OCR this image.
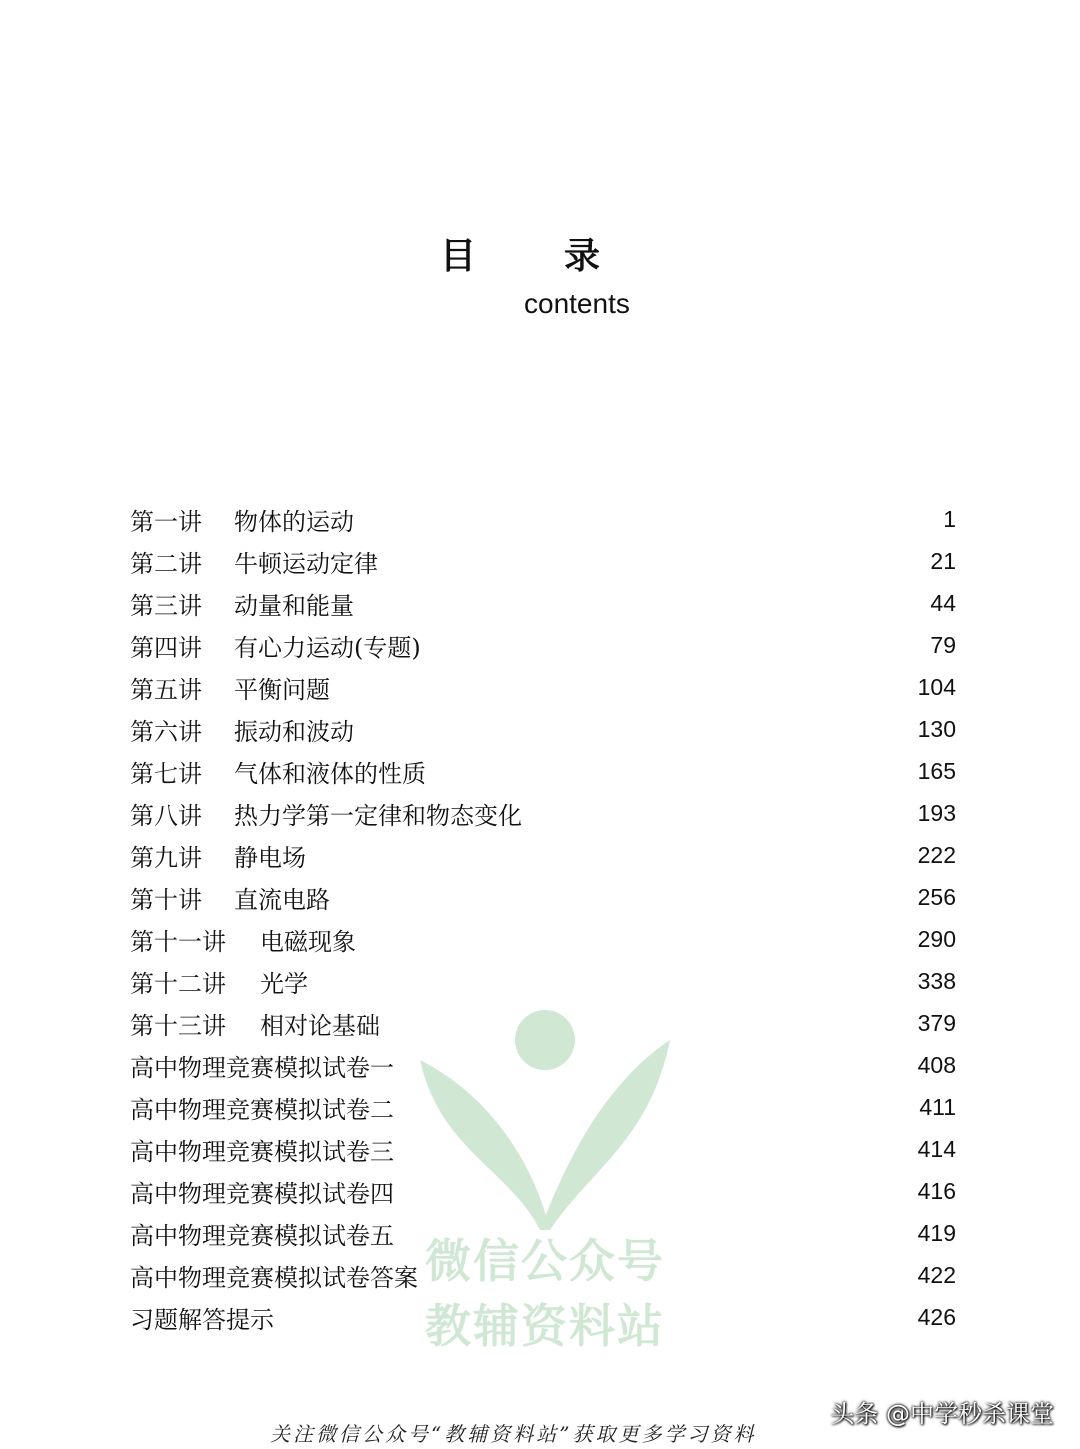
目 录
contents
微信公众号
教辅资料站
第一讲	物体的运动	1
第二讲	牛顿运动定律	21
第三讲	动量和能量	44
第四讲	有心力运动(专题)	79
第五讲	平衡问题	104
第六讲	振动和波动	130
第七讲	气体和液体的性质	165
第八讲	热力学第一定律和物态变化	193
第九讲	静电场	222
第十讲	直流电路	256
第十一讲	电磁现象	290
第十二讲	光学	338
第十三讲	相对论基础	379
高中物理竞赛模拟试卷一	408
高中物理竞赛模拟试卷二	411
高中物理竞赛模拟试卷三	414
高中物理竞赛模拟试卷四	416
高中物理竞赛模拟试卷五	419
高中物理竞赛模拟试卷答案	422
习题解答提示	426
关注微信公众号“教辅资料站”获取更多学习资料
头条 @中学秒杀课堂
